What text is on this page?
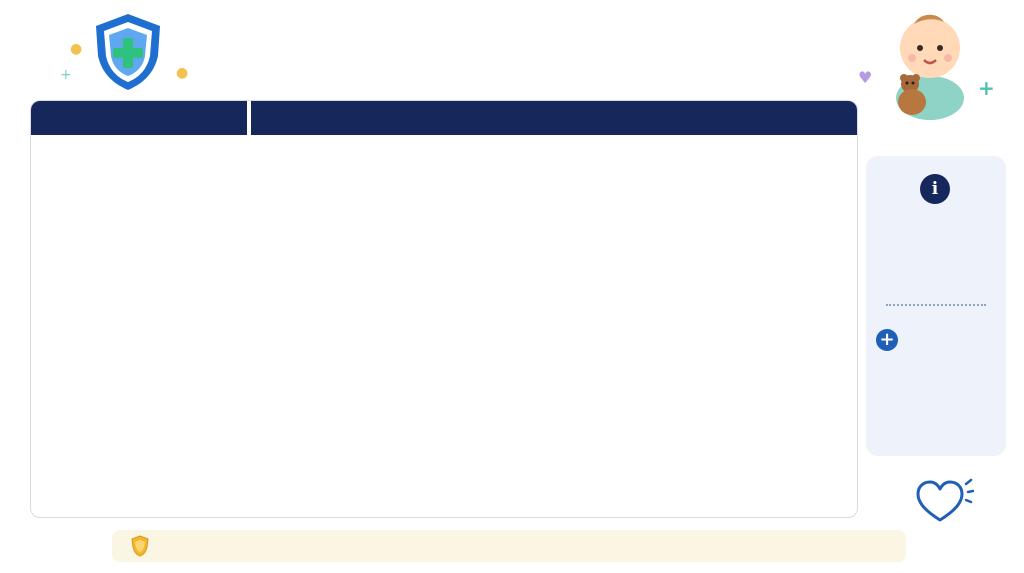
●
+	●	♥	+
i
+
